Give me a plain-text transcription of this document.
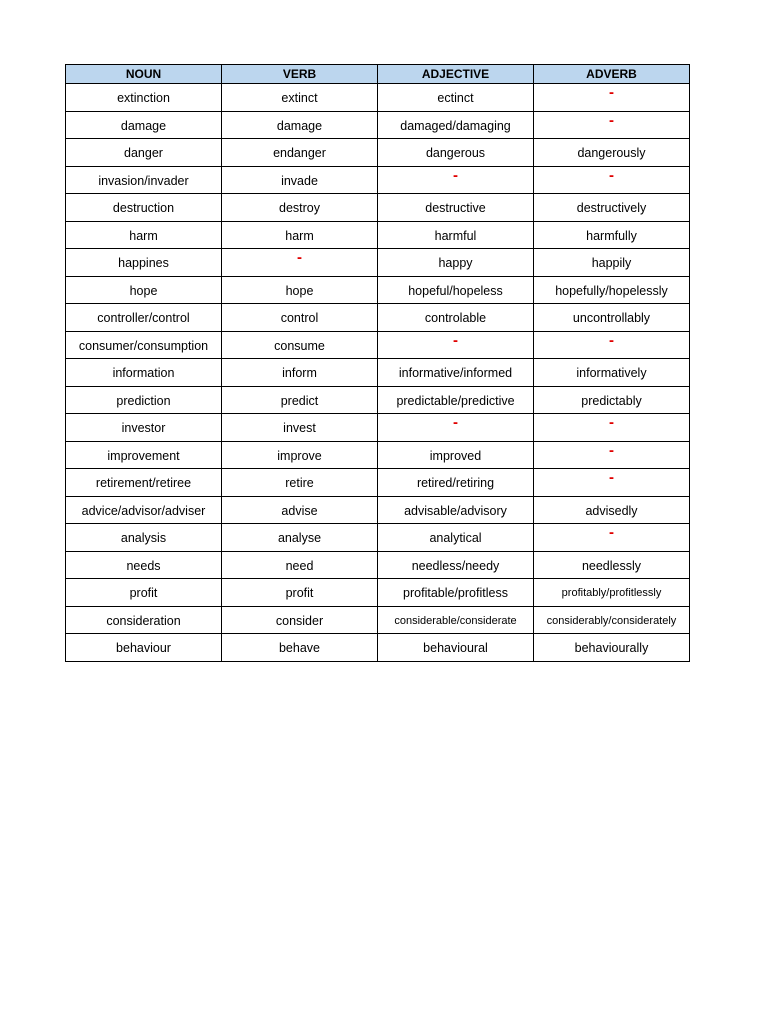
NOUN	VERB	ADJECTIVE	ADVERB
extinction	extinct	ectinct	-
damage	damage	damaged/damaging	-
danger	endanger	dangerous	dangerously
invasion/invader	invade	-	-
destruction	destroy	destructive	destructively
harm	harm	harmful	harmfully
happines	-	happy	happily
hope	hope	hopeful/hopeless	hopefully/hopelessly
controller/control	control	controlable	uncontrollably
consumer/consumption	consume	-	-
information	inform	informative/informed	informatively
prediction	predict	predictable/predictive	predictably
investor	invest	-	-
improvement	improve	improved	-
retirement/retiree	retire	retired/retiring	-
advice/advisor/adviser	advise	advisable/advisory	advisedly
analysis	analyse	analytical	-
needs	need	needless/needy	needlessly
profit	profit	profitable/profitless	profitably/profitlessly
consideration	consider	considerable/considerate	considerably/considerately
behaviour	behave	behavioural	behaviourally
